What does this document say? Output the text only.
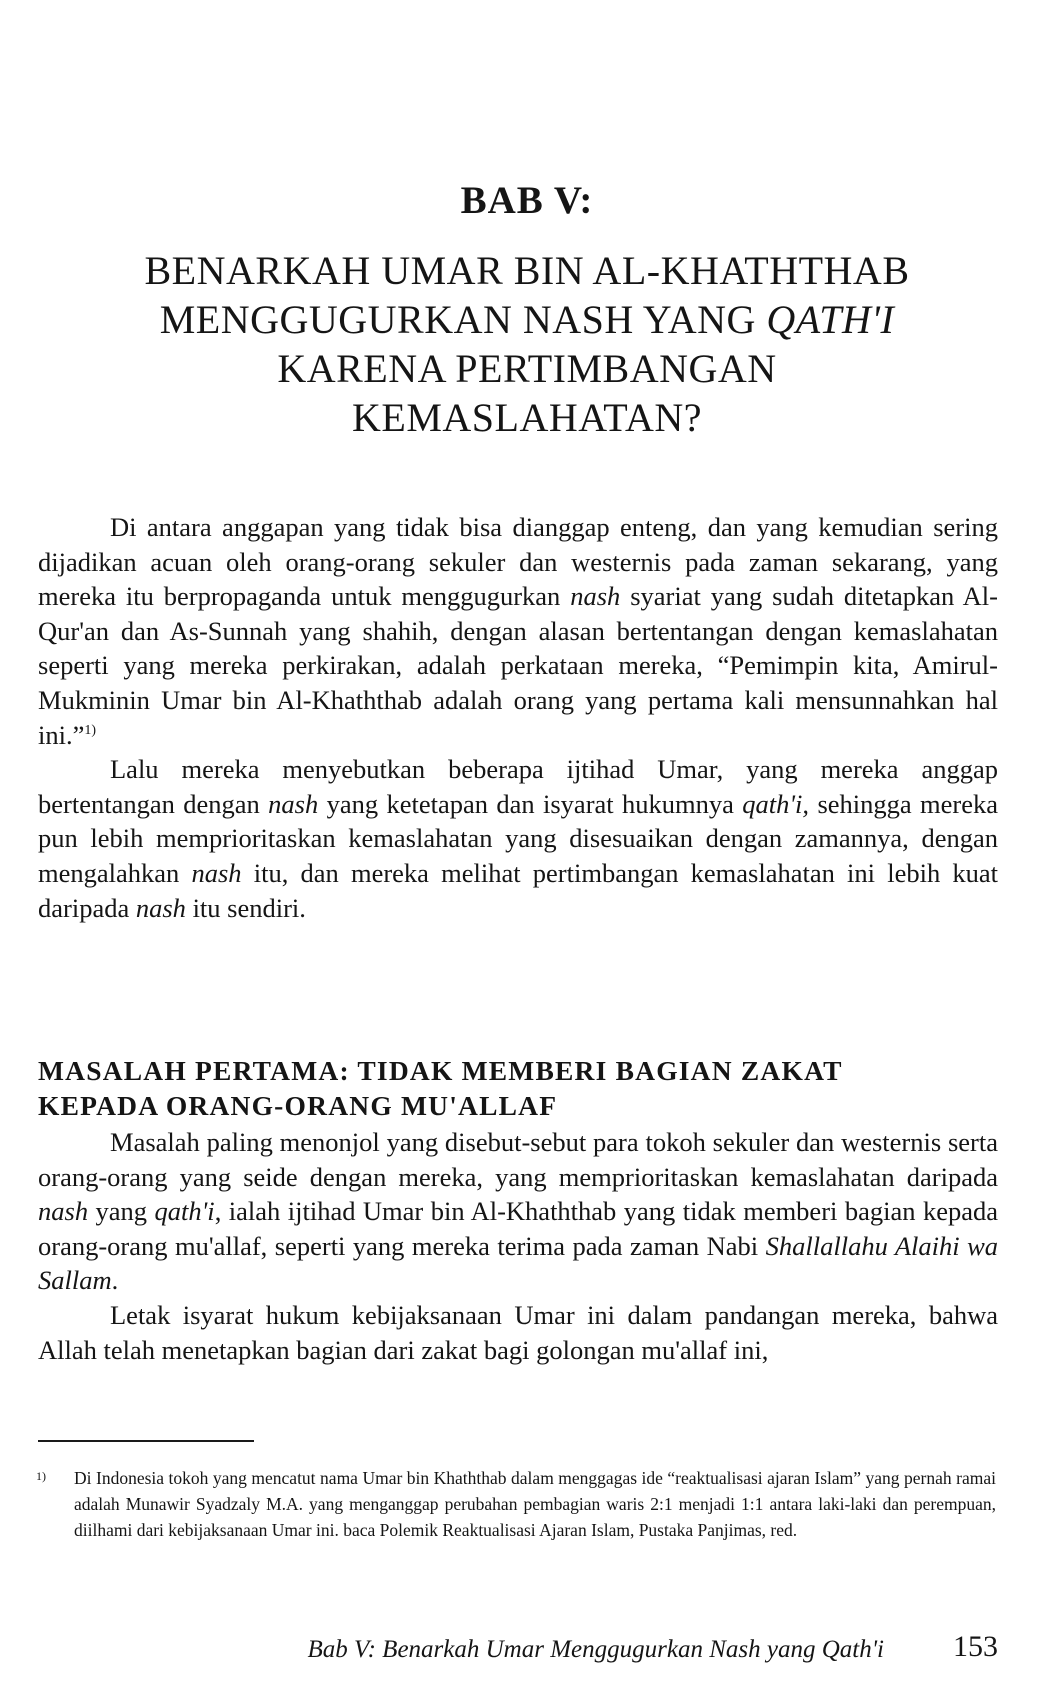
BAB V:
BENARKAH UMAR BIN AL-KHATHTHAB
MENGGUGURKAN NASH YANG QATH'I
KARENA PERTIMBANGAN
KEMASLAHATAN?

Di antara anggapan yang tidak bisa dianggap enteng, dan yang kemudian sering dijadikan acuan oleh orang-orang sekuler dan westernis pada zaman sekarang, yang mereka itu berpropaganda untuk menggugurkan nash syariat yang sudah ditetapkan Al-Qur'an dan As-Sunnah yang shahih, dengan alasan bertentangan dengan kemaslahatan seperti yang mereka perkirakan, adalah perkataan mereka, “Pemimpin kita, Amirul-Mukminin Umar bin Al-Khaththab adalah orang yang pertama kali mensunnahkan hal ini.”$^{1)}$

Lalu mereka menyebutkan beberapa ijtihad Umar, yang mereka anggap bertentangan dengan nash yang ketetapan dan isyarat hukumnya qath'i, sehingga mereka pun lebih memprioritaskan kemaslahatan yang disesuaikan dengan zamannya, dengan mengalahkan nash itu, dan mereka melihat pertimbangan kemaslahatan ini lebih kuat daripada nash itu sendiri.

MASALAH PERTAMA: TIDAK MEMBERI BAGIAN ZAKAT
KEPADA ORANG-ORANG MU'ALLAF

Masalah paling menonjol yang disebut-sebut para tokoh sekuler dan westernis serta orang-orang yang seide dengan mereka, yang memprioritaskan kemaslahatan daripada nash yang qath'i, ialah ijtihad Umar bin Al-Khaththab yang tidak memberi bagian kepada orang-orang mu'allaf, seperti yang mereka terima pada zaman Nabi Shallallahu Alaihi wa Sallam.

Letak isyarat hukum kebijaksanaan Umar ini dalam pandangan mereka, bahwa Allah telah menetapkan bagian dari zakat bagi golongan mu'allaf ini,

1) Di Indonesia tokoh yang mencatut nama Umar bin Khaththab dalam menggagas ide “reaktualisasi ajaran Islam” yang pernah ramai adalah Munawir Syadzaly M.A. yang menganggap perubahan pembagian waris 2:1 menjadi 1:1 antara laki-laki dan perempuan, diilhami dari kebijaksanaan Umar ini. baca Polemik Reaktualisasi Ajaran Islam, Pustaka Panjimas, red.
Bab V: Benarkah Umar Menggugurkan Nash yang Qath'i	153
